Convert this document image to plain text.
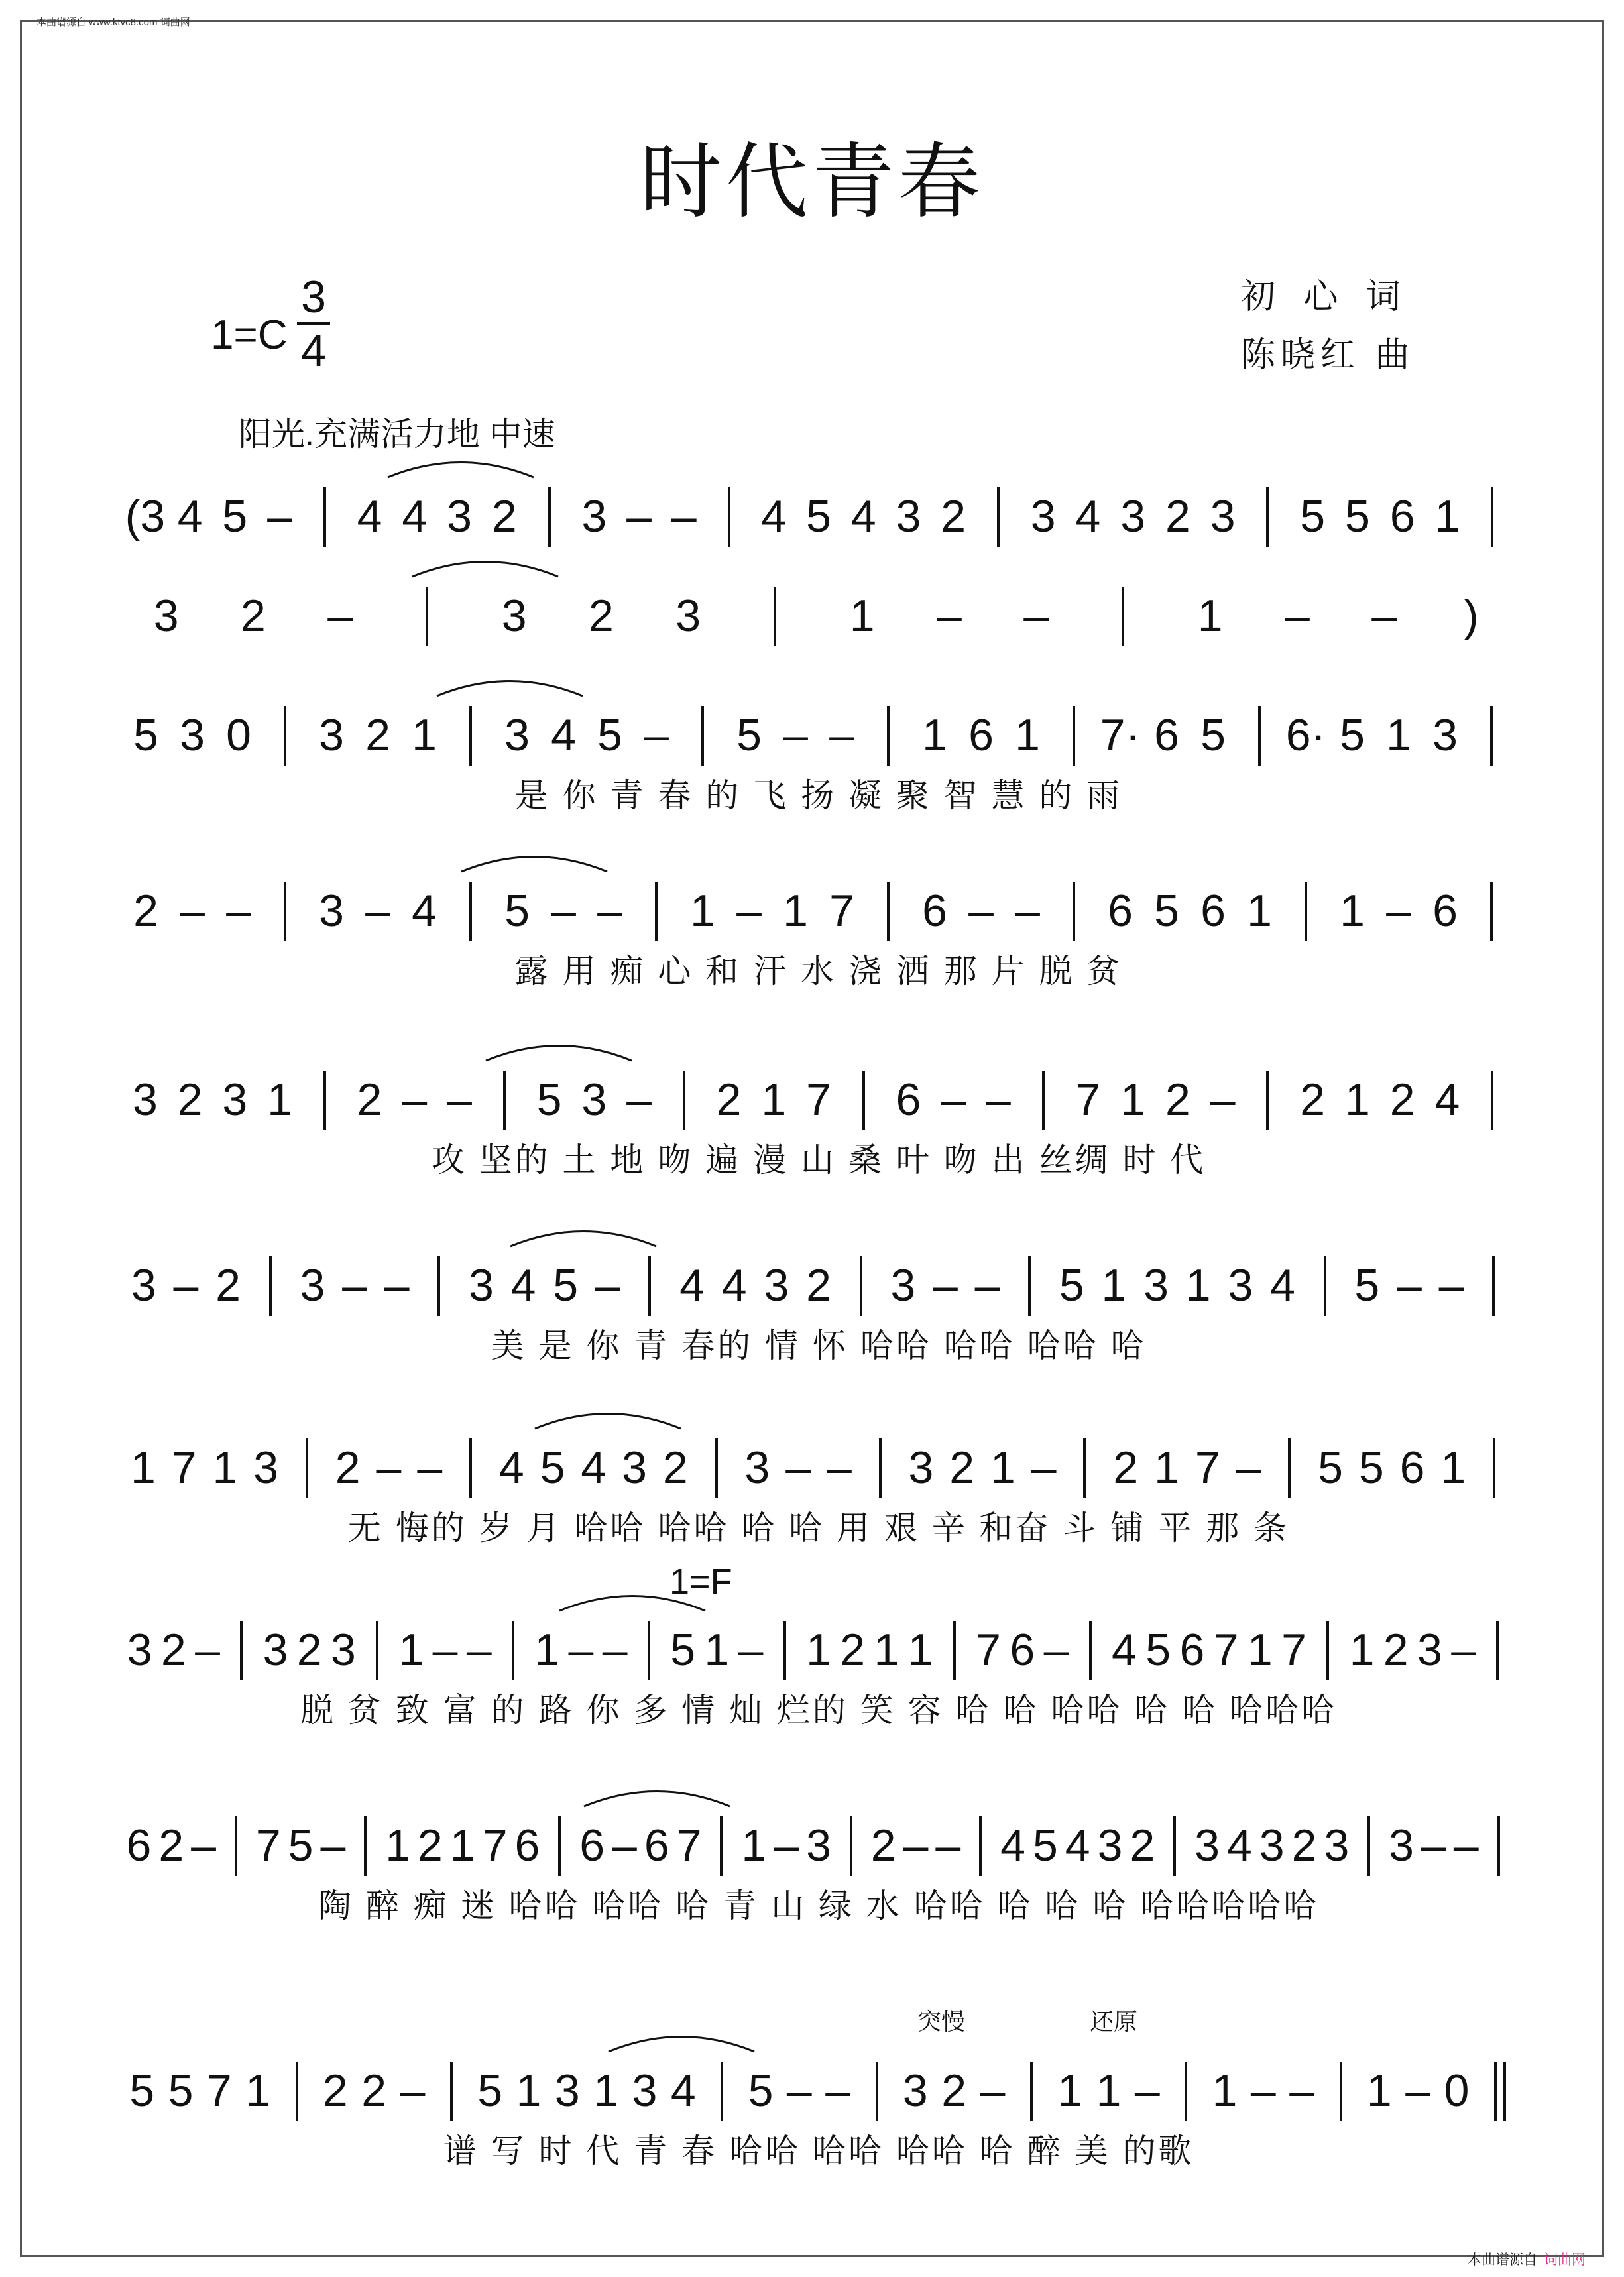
本曲谱源自 www.ktvc8.com 词曲网
时代青春
1=C
3
4
初 心 词
陈晓红 曲
阳光.充满活力地 中速
1=F
突慢	还原
(3 4 5 – 4 4 3 2 3 – – 4 5 4 3 2 3 4 3 2 3 5 5 6 1
3 2 –	3 2 3	1 – –	1 – – )
5 3 0 3 2 1 3 4 5 – 5 – – 1 6 1 7· 6 5 6· 5 1 3
是 你 青 春 的 飞 扬 凝 聚 智 慧 的 雨
2 – – 3 – 4 5 – – 1 – 1 7 6 – – 6 5 6 1 1 – 6
露 用 痴 心 和 汗 水 浇 洒 那 片 脱 贫
3 2 3 1 2 – – 5 3 – 2 1 7 6 – – 7 1 2 – 2 1 2 4
攻 坚的 土 地 吻 遍 漫 山 桑 叶 吻 出 丝绸 时 代
3 – 2 3 – – 3 4 5 – 4 4 3 2 3 – – 5 1 3 1 3 4 5 – –
美 是 你 青 春的 情 怀 哈哈 哈哈 哈哈 哈
1 7 1 3 2 – – 4 5 4 3 2 3 – – 3 2 1 – 2 1 7 – 5 5 6 1
无 悔的 岁 月 哈哈 哈哈 哈 哈 用 艰 辛 和奋 斗 铺 平 那 条
3 2 – 3 2 3 1 – – 1 – – 5 1 – 1 2 1 1 7 6 – 4 5 6 7 1 7 1 2 3 –
脱 贫 致 富 的 路 你 多 情 灿 烂的 笑 容 哈 哈 哈哈 哈 哈 哈哈哈
6 2 – 7 5 – 1 2 1 7 6 6 – 6 7 1 – 3 2 – – 4 5 4 3 2 3 4 3 2 3 3 – –
陶 醉 痴 迷 哈哈 哈哈 哈 青 山 绿 水 哈哈 哈 哈 哈 哈哈哈哈哈
5 5 7 1 2 2 – 5 1 3 1 3 4 5 – – 3 2 – 1 1 – 1 – – 1 – 0
谱 写 时 代 青 春 哈哈 哈哈 哈哈 哈 醉 美 的歌
本曲谱源自 词曲网
